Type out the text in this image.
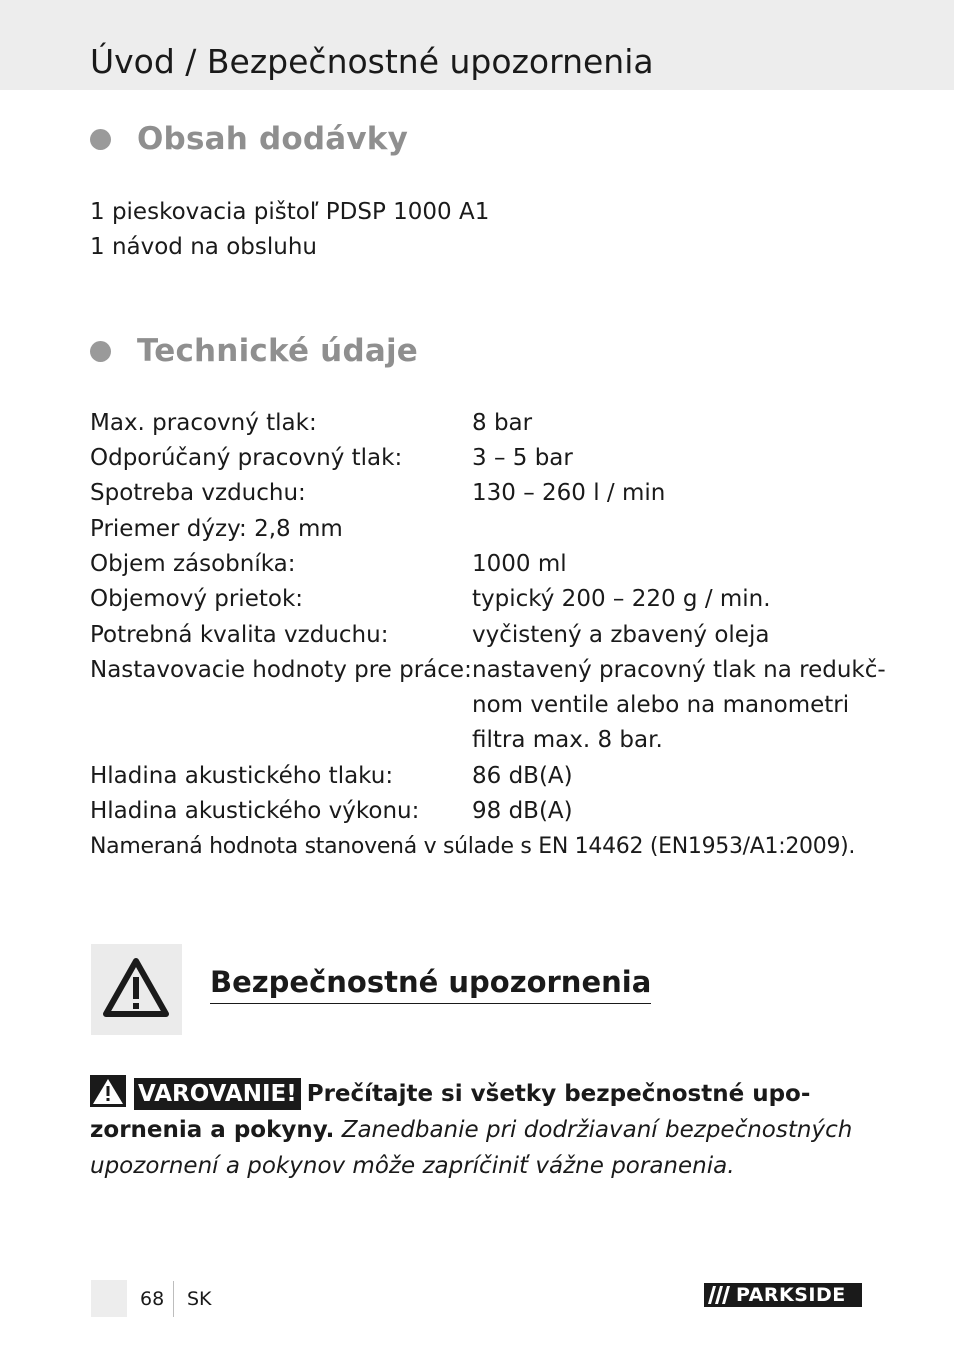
Úvod / Bezpečnostné upozornenia
Obsah dodávky
1 pieskovacia pištoľ PDSP 1000 A1
1 návod na obsluhu
Technické údaje
Max. pracovný tlak:	8 bar
Odporúčaný pracovný tlak:	3 – 5 bar
Spotreba vzduchu:	130 – 260 l / min
Priemer dýzy: 2,8 mm
Objem zásobníka:	1000 ml
Objemový prietok:	typický 200 – 220 g / min.
Potrebná kvalita vzduchu:	vyčistený a zbavený oleja
Nastavovacie hodnoty pre práce: nastavený pracovný tlak na redukč-
nom ventile alebo na manometri
filtra max. 8 bar.
Hladina akustického tlaku:	86 dB(A)
Hladina akustického výkonu: 98 dB(A)
Nameraná hodnota stanovená v súlade s EN 14462 (EN1953/A1:2009).
Bezpečnostné upozornenia
VAROVANIE! Prečítajte si všetky bezpečnostné upo-zornenia a pokyny. Zanedbanie pri dodržiavaní bezpečnostných upozornení a pokynov môže zapríčiniť vážne poranenia.
68 SK	PARKSIDE
